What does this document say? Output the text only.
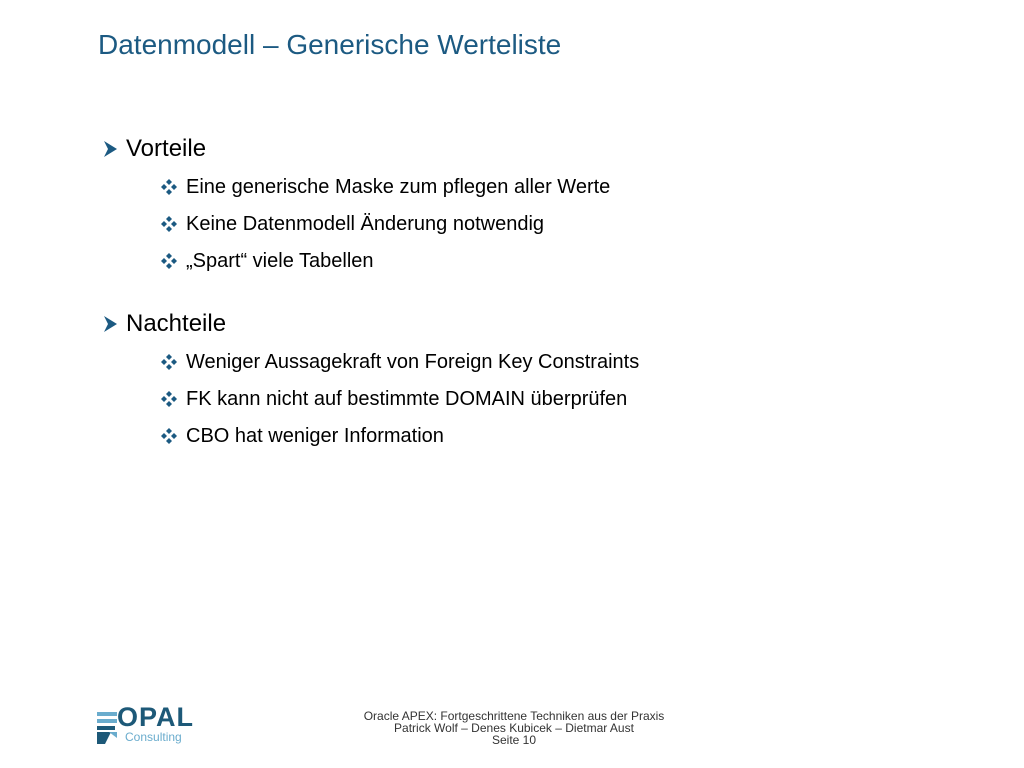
Datenmodell – Generische Werteliste
Vorteile
Eine generische Maske zum pflegen aller Werte
Keine Datenmodell Änderung notwendig
„Spart“ viele Tabellen
Nachteile
Weniger Aussagekraft von Foreign Key Constraints
FK kann nicht auf bestimmte DOMAIN überprüfen
CBO hat weniger Information
OPAL
Consulting
Oracle APEX: Fortgeschrittene Techniken aus der Praxis
Patrick Wolf – Denes Kubicek – Dietmar Aust
Seite 10
